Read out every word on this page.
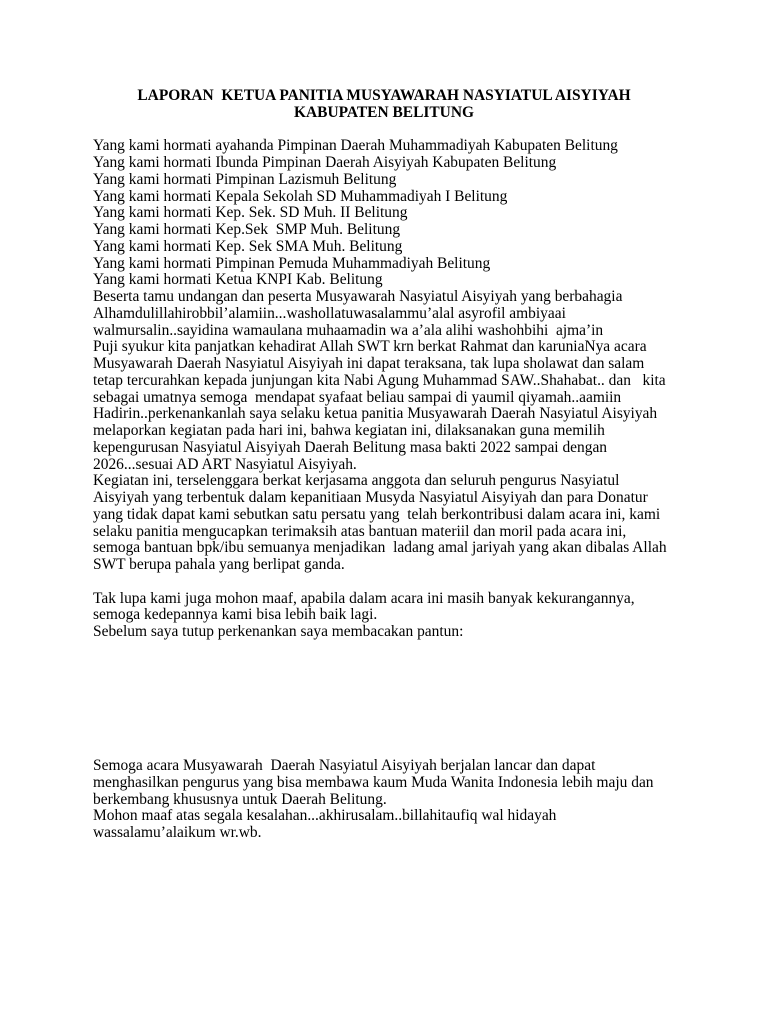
LAPORAN  KETUA PANITIA MUSYAWARAH NASYIATUL AISYIYAH
KABUPATEN BELITUNG
Yang kami hormati ayahanda Pimpinan Daerah Muhammadiyah Kabupaten Belitung
Yang kami hormati Ibunda Pimpinan Daerah Aisyiyah Kabupaten Belitung
Yang kami hormati Pimpinan Lazismuh Belitung
Yang kami hormati Kepala Sekolah SD Muhammadiyah I Belitung
Yang kami hormati Kep. Sek. SD Muh. II Belitung
Yang kami hormati Kep.Sek  SMP Muh. Belitung
Yang kami hormati Kep. Sek SMA Muh. Belitung
Yang kami hormati Pimpinan Pemuda Muhammadiyah Belitung
Yang kami hormati Ketua KNPI Kab. Belitung
Beserta tamu undangan dan peserta Musyawarah Nasyiatul Aisyiyah yang berbahagia
Alhamdulillahirobbil’alamiin...washollatuwasalammu’alal asyrofil ambiyaai
walmursalin..sayidina wamaulana muhaamadin wa a’ala alihi washohbihi  ajma’in
Puji syukur kita panjatkan kehadirat Allah SWT krn berkat Rahmat dan karuniaNya acara
Musyawarah Daerah Nasyiatul Aisyiyah ini dapat teraksana, tak lupa sholawat dan salam
tetap tercurahkan kepada junjungan kita Nabi Agung Muhammad SAW..Shahabat.. dan   kita
sebagai umatnya semoga  mendapat syafaat beliau sampai di yaumil qiyamah..aamiin
Hadirin..perkenankanlah saya selaku ketua panitia Musyawarah Daerah Nasyiatul Aisyiyah
melaporkan kegiatan pada hari ini, bahwa kegiatan ini, dilaksanakan guna memilih
kepengurusan Nasyiatul Aisyiyah Daerah Belitung masa bakti 2022 sampai dengan
2026...sesuai AD ART Nasyiatul Aisyiyah.
Kegiatan ini, terselenggara berkat kerjasama anggota dan seluruh pengurus Nasyiatul
Aisyiyah yang terbentuk dalam kepanitiaan Musyda Nasyiatul Aisyiyah dan para Donatur
yang tidak dapat kami sebutkan satu persatu yang  telah berkontribusi dalam acara ini, kami
selaku panitia mengucapkan terimaksih atas bantuan materiil dan moril pada acara ini,
semoga bantuan bpk/ibu semuanya menjadikan  ladang amal jariyah yang akan dibalas Allah
SWT berupa pahala yang berlipat ganda.
Tak lupa kami juga mohon maaf, apabila dalam acara ini masih banyak kekurangannya,
semoga kedepannya kami bisa lebih baik lagi.
Sebelum saya tutup perkenankan saya membacakan pantun:
Semoga acara Musyawarah  Daerah Nasyiatul Aisyiyah berjalan lancar dan dapat
menghasilkan pengurus yang bisa membawa kaum Muda Wanita Indonesia lebih maju dan
berkembang khususnya untuk Daerah Belitung.
Mohon maaf atas segala kesalahan...akhirusalam..billahitaufiq wal hidayah
wassalamu’alaikum wr.wb.
